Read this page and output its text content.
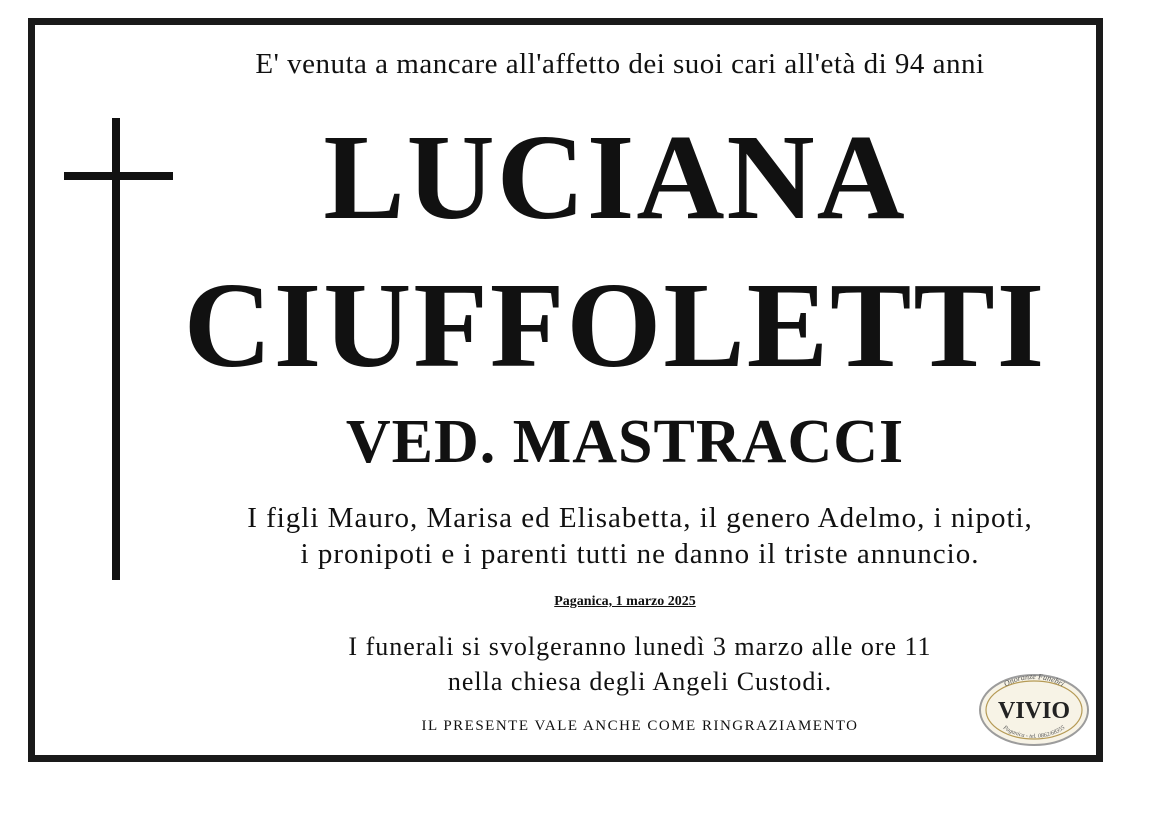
E' venuta a mancare all'affetto dei suoi cari all'età di 94 anni
LUCIANA
CIUFFOLETTI
VED. MASTRACCI
I figli Mauro, Marisa ed Elisabetta, il genero Adelmo, i nipoti,
i pronipoti e i parenti tutti ne danno il triste annuncio.
Paganica, 1 marzo 2025
I funerali si svolgeranno lunedì 3 marzo alle ore 11
nella chiesa degli Angeli Custodi.
IL PRESENTE VALE ANCHE COME RINGRAZIAMENTO
Onoranze Funebri
VIVIO
Paganica - tel. 0862/68355
